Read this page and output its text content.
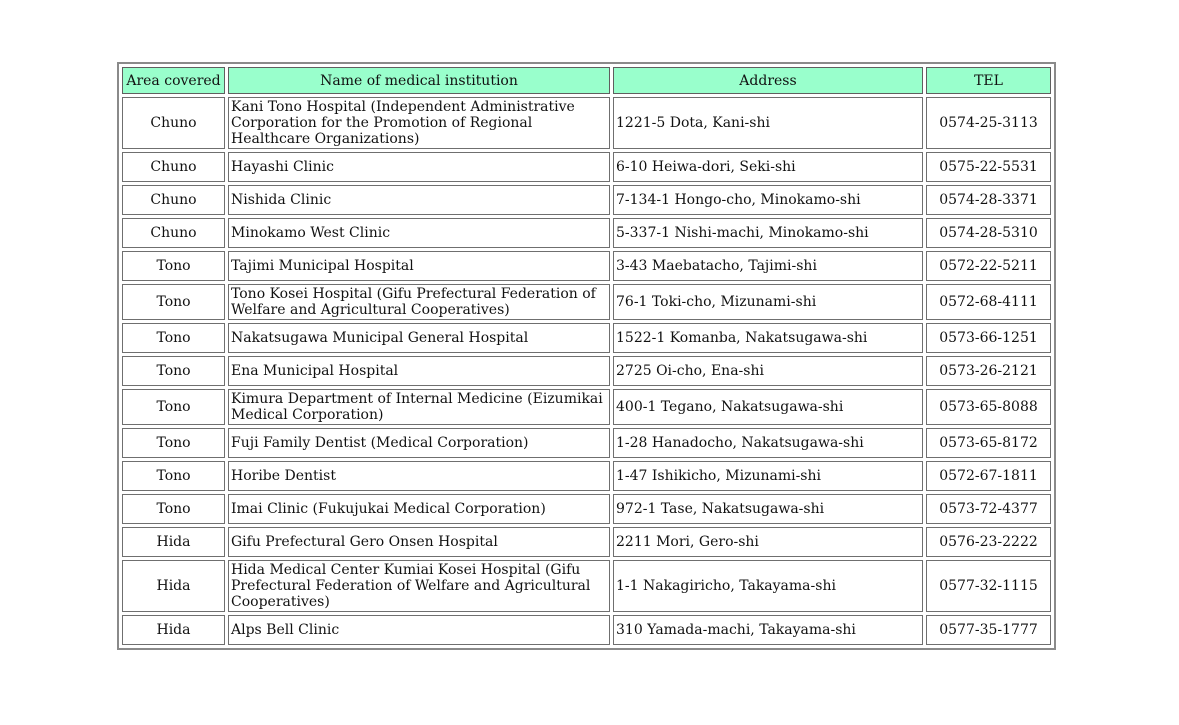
Area covered	Name of medical institution	Address	TEL
Chuno	Kani Tono Hospital (Independent Administrative Corporation for the Promotion of Regional Healthcare Organizations)	1221-5 Dota, Kani-shi	0574-25-3113
Chuno	Hayashi Clinic	6-10 Heiwa-dori, Seki-shi	0575-22-5531
Chuno	Nishida Clinic	7-134-1 Hongo-cho, Minokamo-shi	0574-28-3371
Chuno	Minokamo West Clinic	5-337-1 Nishi-machi, Minokamo-shi	0574-28-5310
Tono	Tajimi Municipal Hospital	3-43 Maebatacho, Tajimi-shi	0572-22-5211
Tono	Tono Kosei Hospital (Gifu Prefectural Federation of Welfare and Agricultural Cooperatives)	76-1 Toki-cho, Mizunami-shi	0572-68-4111
Tono	Nakatsugawa Municipal General Hospital	1522-1 Komanba, Nakatsugawa-shi	0573-66-1251
Tono	Ena Municipal Hospital	2725 Oi-cho, Ena-shi	0573-26-2121
Tono	Kimura Department of Internal Medicine (Eizumikai Medical Corporation)	400-1 Tegano, Nakatsugawa-shi	0573-65-8088
Tono	Fuji Family Dentist (Medical Corporation)	1-28 Hanadocho, Nakatsugawa-shi	0573-65-8172
Tono	Horibe Dentist	1-47 Ishikicho, Mizunami-shi	0572-67-1811
Tono	Imai Clinic (Fukujukai Medical Corporation)	972-1 Tase, Nakatsugawa-shi	0573-72-4377
Hida	Gifu Prefectural Gero Onsen Hospital	2211 Mori, Gero-shi	0576-23-2222
Hida	Hida Medical Center Kumiai Kosei Hospital (Gifu Prefectural Federation of Welfare and Agricultural Cooperatives)	1-1 Nakagiricho, Takayama-shi	0577-32-1115
Hida	Alps Bell Clinic	310 Yamada-machi, Takayama-shi	0577-35-1777
